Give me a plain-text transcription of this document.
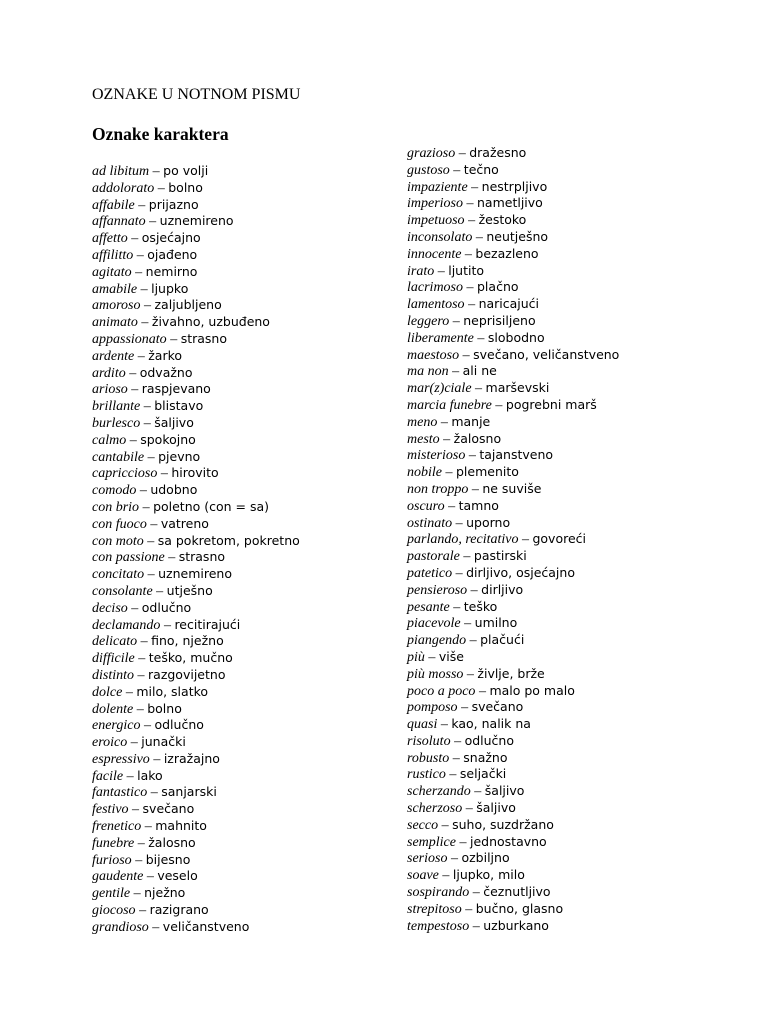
OZNAKE U NOTNOM PISMU
Oznake karaktera
ad libitum – po volji
addolorato – bolno
affabile – prijazno
affannato – uznemireno
affetto – osjećajno
affilitto – ojađeno
agitato – nemirno
amabile – ljupko
amoroso – zaljubljeno
animato – živahno, uzbuđeno
appassionato – strasno
ardente – žarko
ardito – odvažno
arioso – raspjevano
brillante – blistavo
burlesco – šaljivo
calmo – spokojno
cantabile – pjevno
capriccioso – hirovito
comodo – udobno
con brio – poletno (con = sa)
con fuoco – vatreno
con moto – sa pokretom, pokretno
con passione – strasno
concitato – uznemireno
consolante – utješno
deciso – odlučno
declamando – recitirajući
delicato – fino, nježno
difficile – teško, mučno
distinto – razgovijetno
dolce – milo, slatko
dolente – bolno
energico – odlučno
eroico – junački
espressivo – izražajno
facile – lako
fantastico – sanjarski
festivo – svečano
frenetico – mahnito
funebre – žalosno
furioso – bijesno
gaudente – veselo
gentile – nježno
giocoso – razigrano
grandioso – veličanstveno
grazioso – dražesno
gustoso – tečno
impaziente – nestrpljivo
imperioso – nametljivo
impetuoso – žestoko
inconsolato – neutješno
innocente – bezazleno
irato – ljutito
lacrimoso – plačno
lamentoso – naricajući
leggero – neprisiljeno
liberamente – slobodno
maestoso – svečano, veličanstveno
ma non – ali ne
mar(z)ciale – marševski
marcia funebre – pogrebni marš
meno – manje
mesto – žalosno
misterioso – tajanstveno
nobile – plemenito
non troppo – ne suviše
oscuro – tamno
ostinato – uporno
parlando, recitativo – govoreći
pastorale – pastirski
patetico – dirljivo, osjećajno
pensieroso – dirljivo
pesante – teško
piacevole – umilno
piangendo – plačući
più – više
più mosso – življe, brže
poco a poco – malo po malo
pomposo – svečano
quasi – kao, nalik na
risoluto – odlučno
robusto – snažno
rustico – seljački
scherzando – šaljivo
scherzoso – šaljivo
secco – suho, suzdržano
semplice – jednostavno
serioso – ozbiljno
soave – ljupko, milo
sospirando – čeznutljivo
strepitoso – bučno, glasno
tempestoso – uzburkano
